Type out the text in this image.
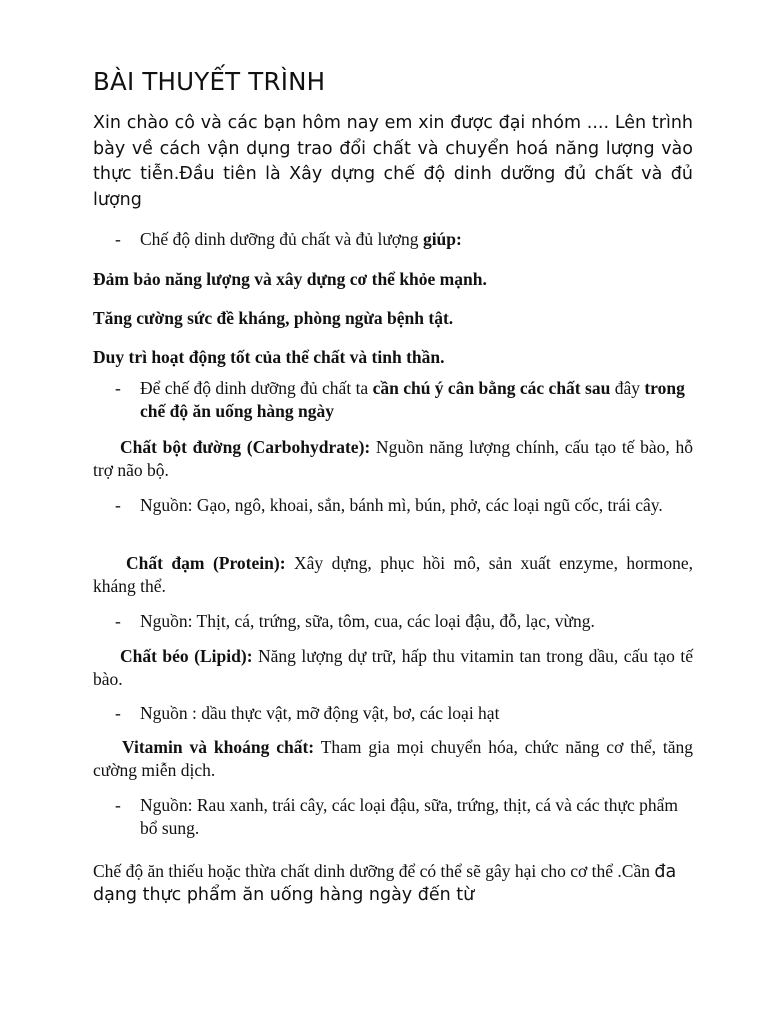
BÀI THUYẾT TRÌNH

Xin chào cô và các bạn hôm nay em xin được đại nhóm .... Lên trình bày về cách vận dụng trao đổi chất và chuyển hoá năng lượng vào thực tiễn.Đầu tiên là Xây dựng chế độ dinh dưỡng đủ chất và đủ lượng

- Chế độ dinh dưỡng đủ chất và đủ lượng giúp:

Đảm bảo năng lượng và xây dựng cơ thể khỏe mạnh.

Tăng cường sức đề kháng, phòng ngừa bệnh tật.

Duy trì hoạt động tốt của thể chất và tinh thần.

- Để chế độ dinh dưỡng đủ chất ta cần chú ý cân bằng các chất sau đây trong chế độ ăn uống hàng ngày

Chất bột đường (Carbohydrate): Nguồn năng lượng chính, cấu tạo tế bào, hỗ trợ não bộ.

- Nguồn: Gạo, ngô, khoai, sắn, bánh mì, bún, phở, các loại ngũ cốc, trái cây.

Chất đạm (Protein): Xây dựng, phục hồi mô, sản xuất enzyme, hormone, kháng thể.

- Nguồn: Thịt, cá, trứng, sữa, tôm, cua, các loại đậu, đỗ, lạc, vừng.

Chất béo (Lipid): Năng lượng dự trữ, hấp thu vitamin tan trong dầu, cấu tạo tế bào.

- Nguồn : dầu thực vật, mỡ động vật, bơ, các loại hạt

Vitamin và khoáng chất: Tham gia mọi chuyển hóa, chức năng cơ thể, tăng cường miễn dịch.

- Nguồn: Rau xanh, trái cây, các loại đậu, sữa, trứng, thịt, cá và các thực phẩm bổ sung.

Chế độ ăn thiếu hoặc thừa chất dinh dưỡng để có thể sẽ gây hại cho cơ thể .Cần đa dạng thực phẩm ăn uống hàng ngày đến từ
